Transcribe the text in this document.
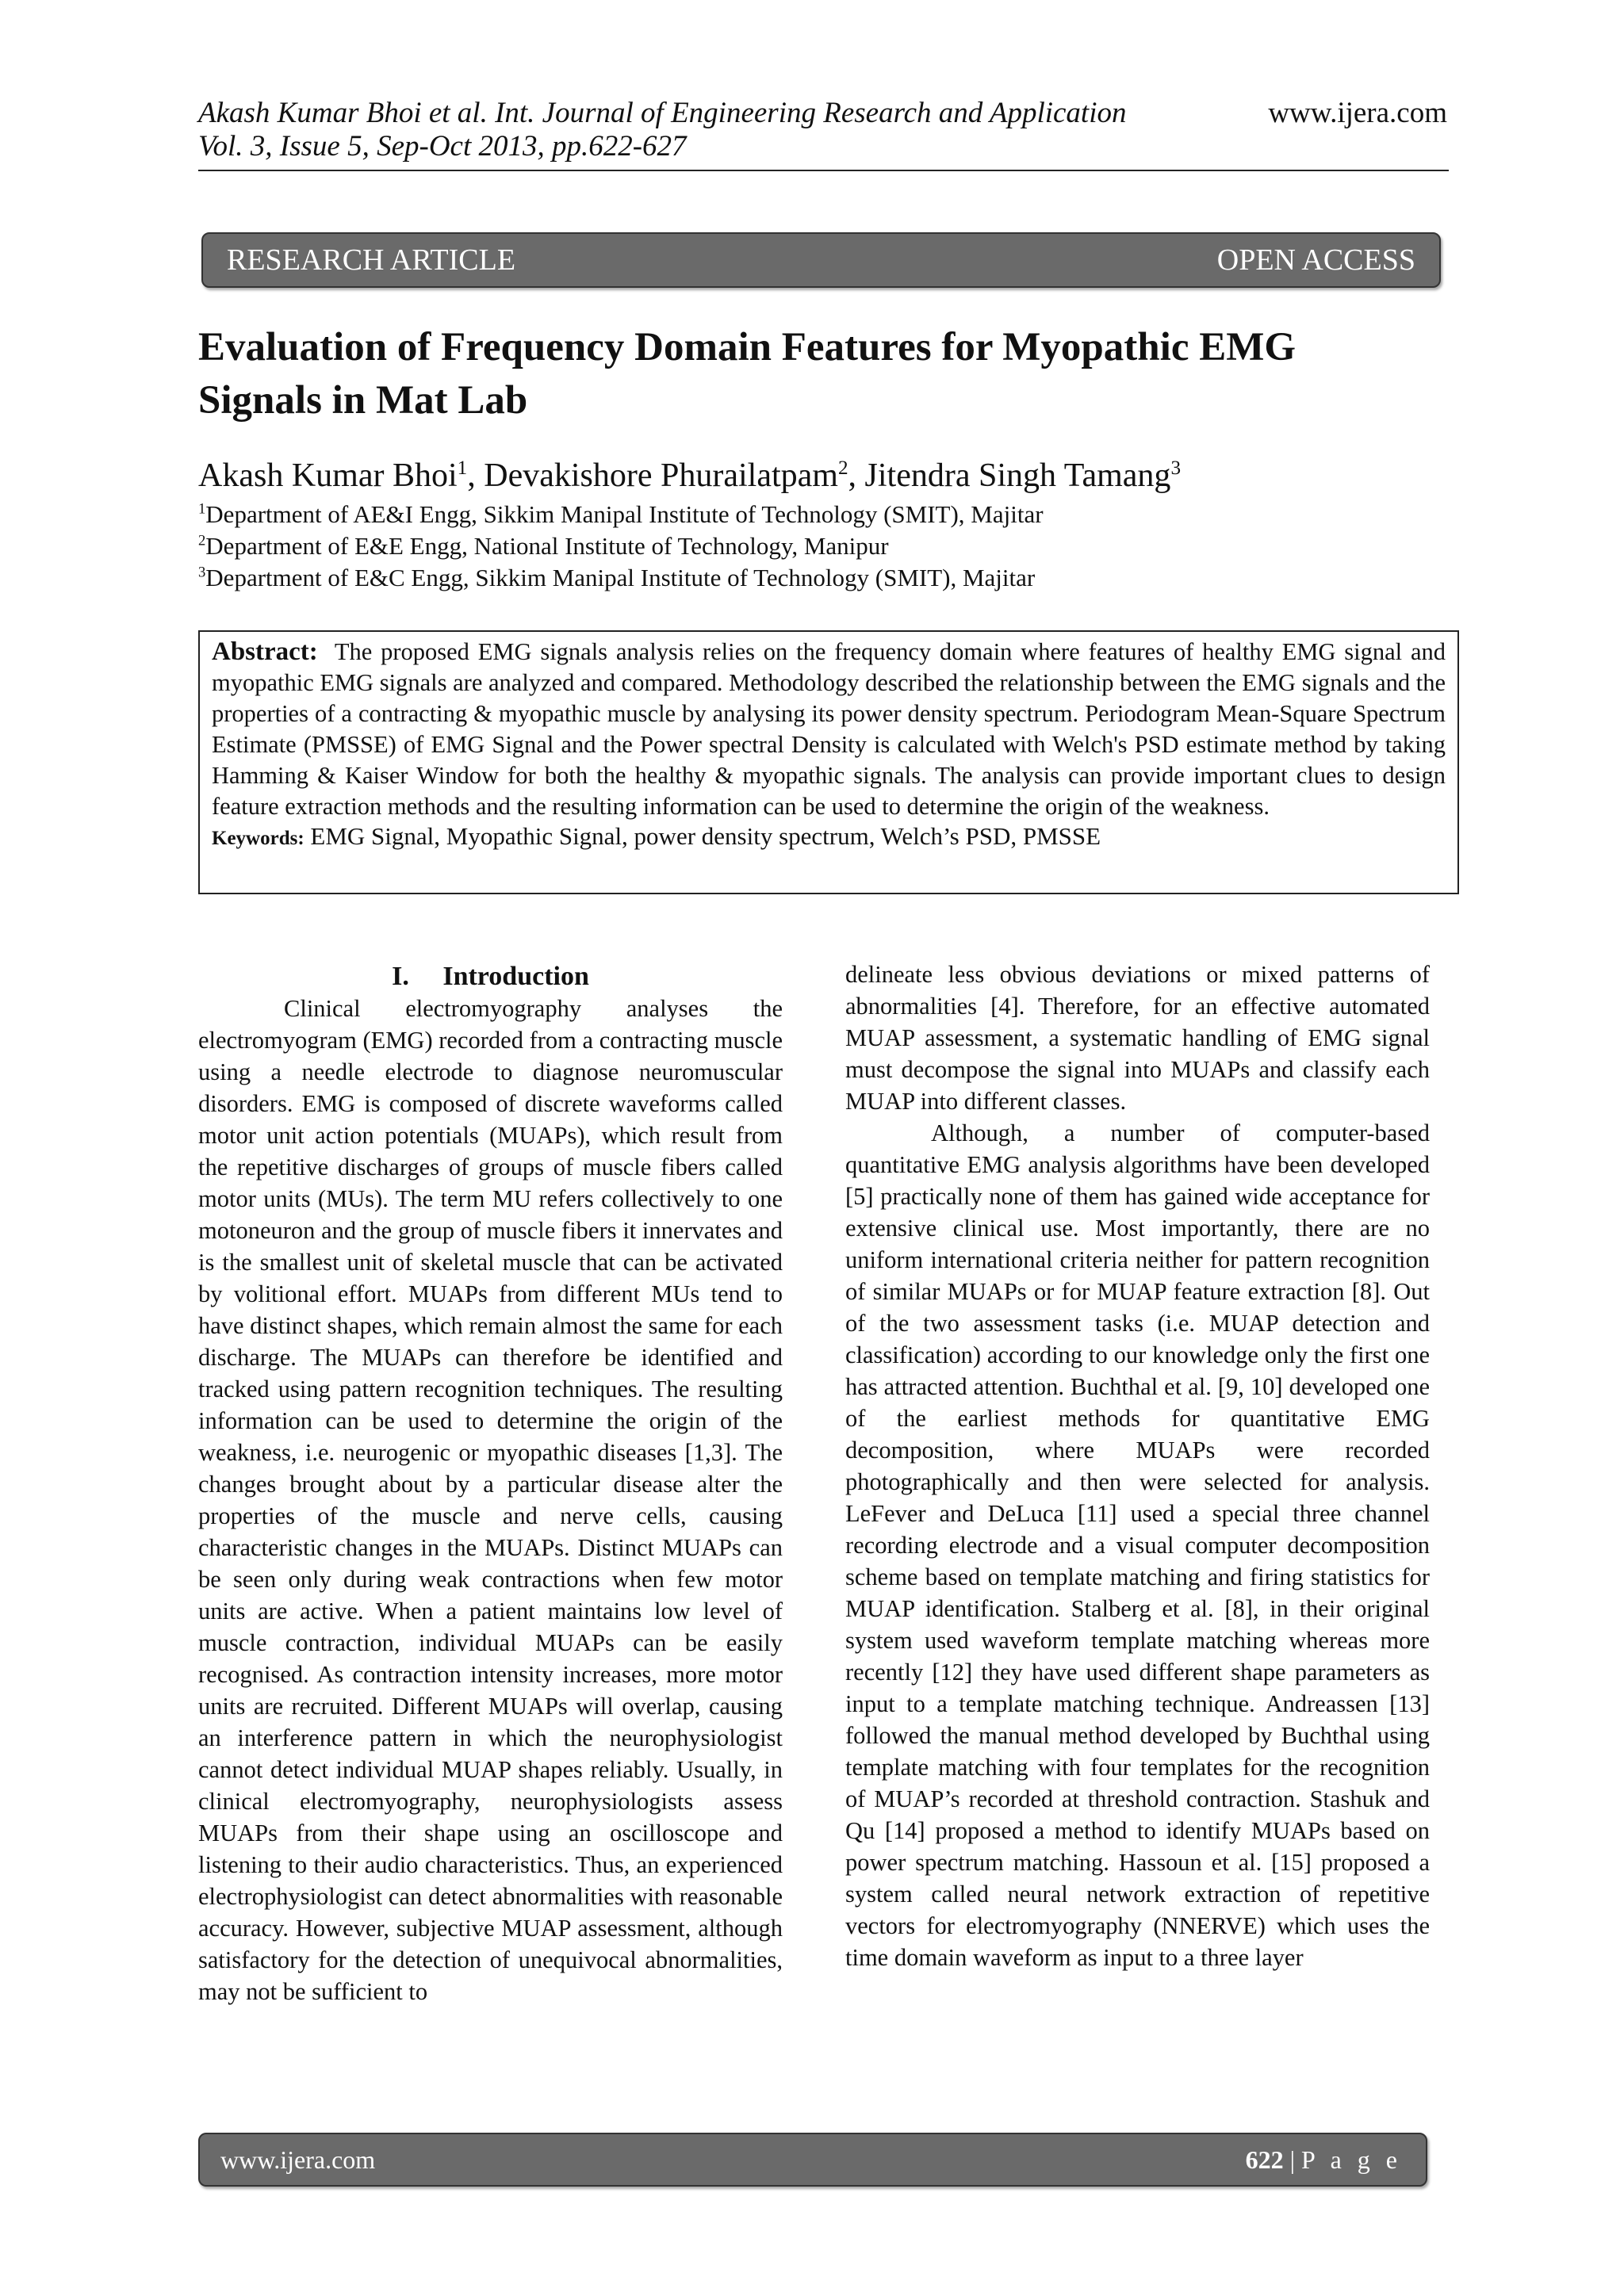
Akash Kumar Bhoi et al. Int. Journal of Engineering Research and Application	www.ijera.com
Vol. 3, Issue 5, Sep-Oct 2013, pp.622-627
RESEARCH ARTICLE	OPEN ACCESS
Evaluation of Frequency Domain Features for Myopathic EMG
Signals in Mat Lab
Akash Kumar Bhoi$^1$, Devakishore Phurailatpam$^2$, Jitendra Singh Tamang$^3$
$^1$Department of AE&I Engg, Sikkim Manipal Institute of Technology (SMIT), Majitar
$^2$Department of E&E Engg, National Institute of Technology, Manipur
$^3$Department of E&C Engg, Sikkim Manipal Institute of Technology (SMIT), Majitar
Abstract: The proposed EMG signals analysis relies on the frequency domain where features of healthy EMG signal and myopathic EMG signals are analyzed and compared. Methodology described the relationship between the EMG signals and the properties of a contracting & myopathic muscle by analysing its power density spectrum. Periodogram Mean-Square Spectrum Estimate (PMSSE) of EMG Signal and the Power spectral Density is calculated with Welch's PSD estimate method by taking Hamming & Kaiser Window for both the healthy & myopathic signals. The analysis can provide important clues to design feature extraction methods and the resulting information can be used to determine the origin of the weakness.
Keywords: EMG Signal, Myopathic Signal, power density spectrum, Welch’s PSD, PMSSE
I.     Introduction

Clinical electromyography analyses the electromyogram (EMG) recorded from a contracting muscle using a needle electrode to diagnose neuromuscular disorders. EMG is composed of discrete waveforms called motor unit action potentials (MUAPs), which result from the repetitive discharges of groups of muscle fibers called motor units (MUs). The term MU refers collectively to one motoneuron and the group of muscle fibers it innervates and is the smallest unit of skeletal muscle that can be activated by volitional effort. MUAPs from different MUs tend to have distinct shapes, which remain almost the same for each discharge. The MUAPs can therefore be identified and tracked using pattern recognition techniques. The resulting information can be used to determine the origin of the weakness, i.e. neurogenic or myopathic diseases [1,3]. The changes brought about by a particular disease alter the properties of the muscle and nerve cells, causing characteristic changes in the MUAPs. Distinct MUAPs can be seen only during weak contractions when few motor units are active. When a patient maintains low level of muscle contraction, individual MUAPs can be easily recognised. As contraction intensity increases, more motor units are recruited. Different MUAPs will overlap, causing an interference pattern in which the neurophysiologist cannot detect individual MUAP shapes reliably. Usually, in clinical electromyography, neurophysiologists assess MUAPs from their shape using an oscilloscope and listening to their audio characteristics. Thus, an experienced electrophysiologist can detect abnormalities with reasonable accuracy. However, subjective MUAP assessment, although satisfactory for the detection of unequivocal abnormalities, may not be sufficient to

delineate less obvious deviations or mixed patterns of abnormalities [4]. Therefore, for an effective automated MUAP assessment, a systematic handling of EMG signal must decompose the signal into MUAPs and classify each MUAP into different classes.

Although, a number of computer-based quantitative EMG analysis algorithms have been developed [5] practically none of them has gained wide acceptance for extensive clinical use. Most importantly, there are no uniform international criteria neither for pattern recognition of similar MUAPs or for MUAP feature extraction [8]. Out of the two assessment tasks (i.e. MUAP detection and classification) according to our knowledge only the first one has attracted attention. Buchthal et al. [9, 10] developed one of the earliest methods for quantitative EMG decomposition, where MUAPs were recorded photographically and then were selected for analysis. LeFever and DeLuca [11] used a special three channel recording electrode and a visual computer decomposition scheme based on template matching and firing statistics for MUAP identification. Stalberg et al. [8], in their original system used waveform template matching whereas more recently [12] they have used different shape parameters as input to a template matching technique. Andreassen [13] followed the manual method developed by Buchthal using template matching with four templates for the recognition of MUAP’s recorded at threshold contraction. Stashuk and Qu [14] proposed a method to identify MUAPs based on power spectrum matching. Hassoun et al. [15] proposed a system called neural network extraction of repetitive vectors for electromyography (NNERVE) which uses the time domain waveform as input to a three layer

www.ijera.com	622 | P a g e
